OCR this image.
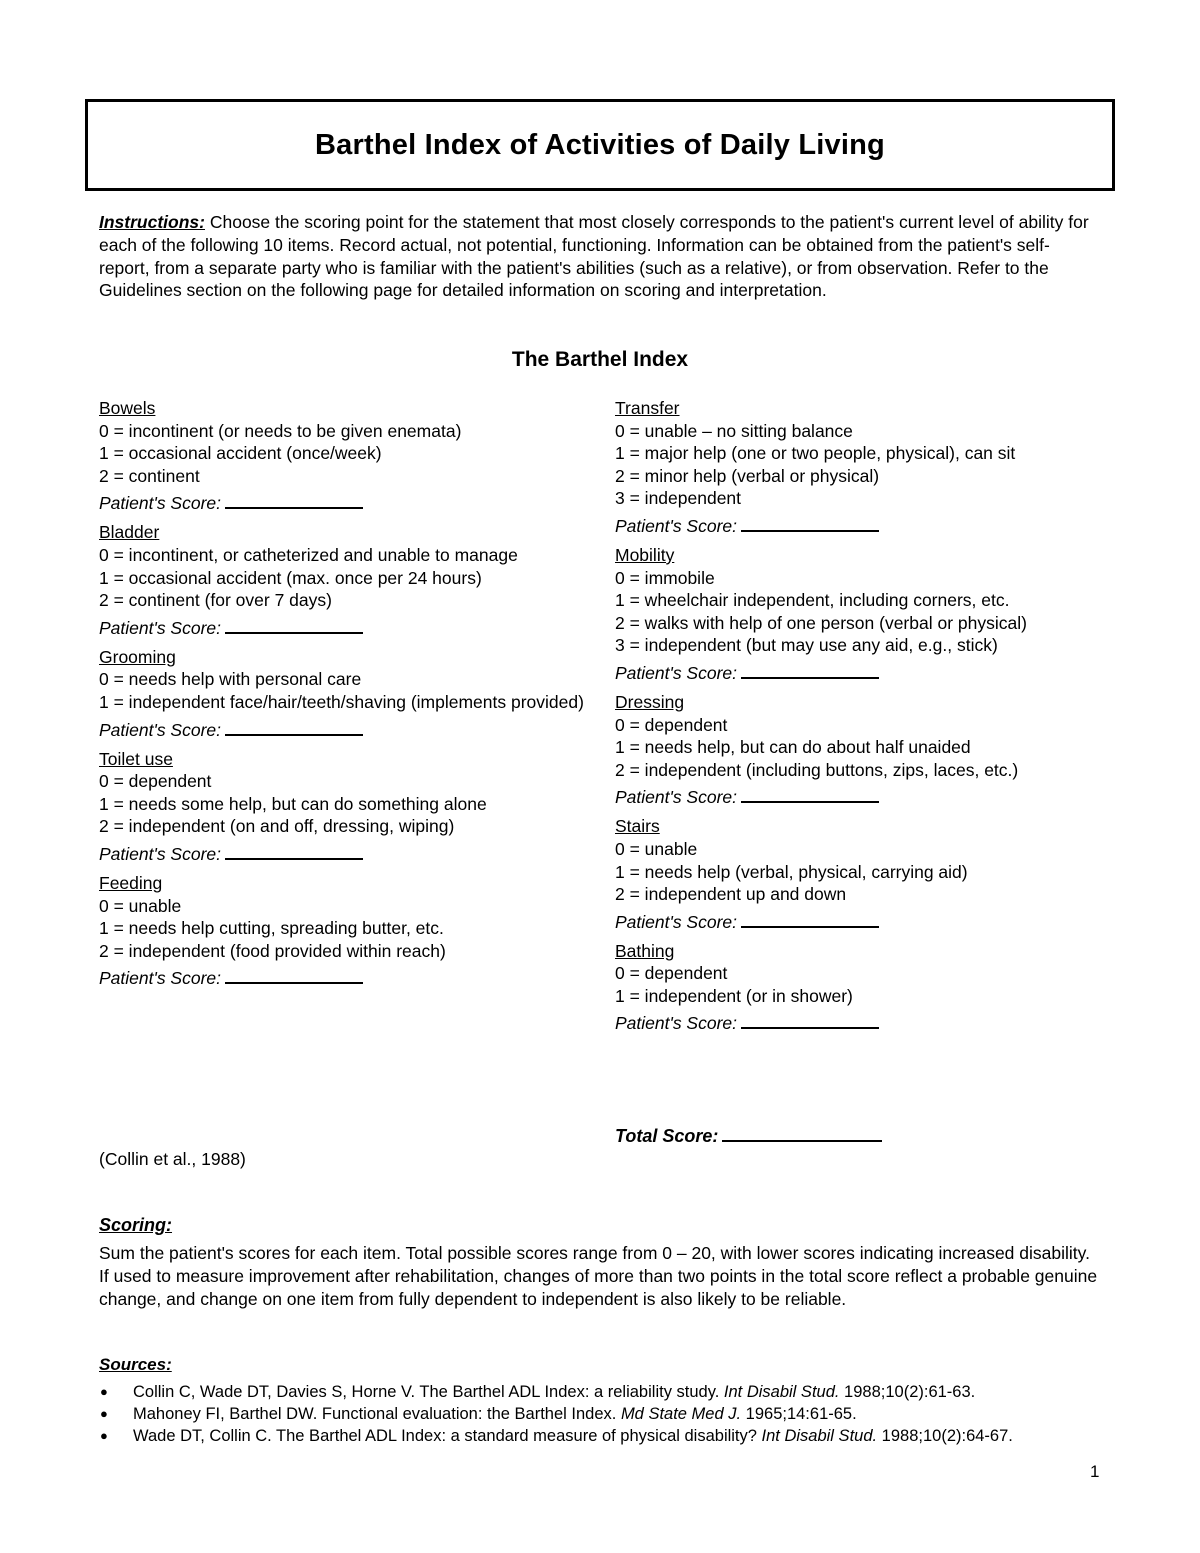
Barthel Index of Activities of Daily Living

Instructions: Choose the scoring point for the statement that most closely corresponds to the patient's current level of ability for each of the following 10 items. Record actual, not potential, functioning. Information can be obtained from the patient's self-report, from a separate party who is familiar with the patient's abilities (such as a relative), or from observation. Refer to the Guidelines section on the following page for detailed information on scoring and interpretation.

The Barthel Index
Bowels
0 = incontinent (or needs to be given enemata)
1 = occasional accident (once/week)
2 = continent
Patient's Score:
Bladder
0 = incontinent, or catheterized and unable to manage
1 = occasional accident (max. once per 24 hours)
2 = continent (for over 7 days)
Patient's Score:
Grooming
0 = needs help with personal care
1 = independent face/hair/teeth/shaving (implements provided)
Patient's Score:
Toilet use
0 = dependent
1 = needs some help, but can do something alone
2 = independent (on and off, dressing, wiping)
Patient's Score:
Feeding
0 = unable
1 = needs help cutting, spreading butter, etc.
2 = independent (food provided within reach)
Patient's Score:
Transfer
0 = unable – no sitting balance
1 = major help (one or two people, physical), can sit
2 = minor help (verbal or physical)
3 = independent
Patient's Score:
Mobility
0 = immobile
1 = wheelchair independent, including corners, etc.
2 = walks with help of one person (verbal or physical)
3 = independent (but may use any aid, e.g., stick)
Patient's Score:
Dressing
0 = dependent
1 = needs help, but can do about half unaided
2 = independent (including buttons, zips, laces, etc.)
Patient's Score:
Stairs
0 = unable
1 = needs help (verbal, physical, carrying aid)
2 = independent up and down
Patient's Score:
Bathing
0 = dependent
1 = independent (or in shower)
Patient's Score:
Total Score:
(Collin et al., 1988)
Scoring:

Sum the patient's scores for each item. Total possible scores range from 0 – 20, with lower scores indicating increased disability. If used to measure improvement after rehabilitation, changes of more than two points in the total score reflect a probable genuine change, and change on one item from fully dependent to independent is also likely to be reliable.

Sources:
● Collin C, Wade DT, Davies S, Horne V. The Barthel ADL Index: a reliability study. Int Disabil Stud. 1988;10(2):61-63.
● Mahoney FI, Barthel DW. Functional evaluation: the Barthel Index. Md State Med J. 1965;14:61-65.
● Wade DT, Collin C. The Barthel ADL Index: a standard measure of physical disability? Int Disabil Stud. 1988;10(2):64-67.
1
